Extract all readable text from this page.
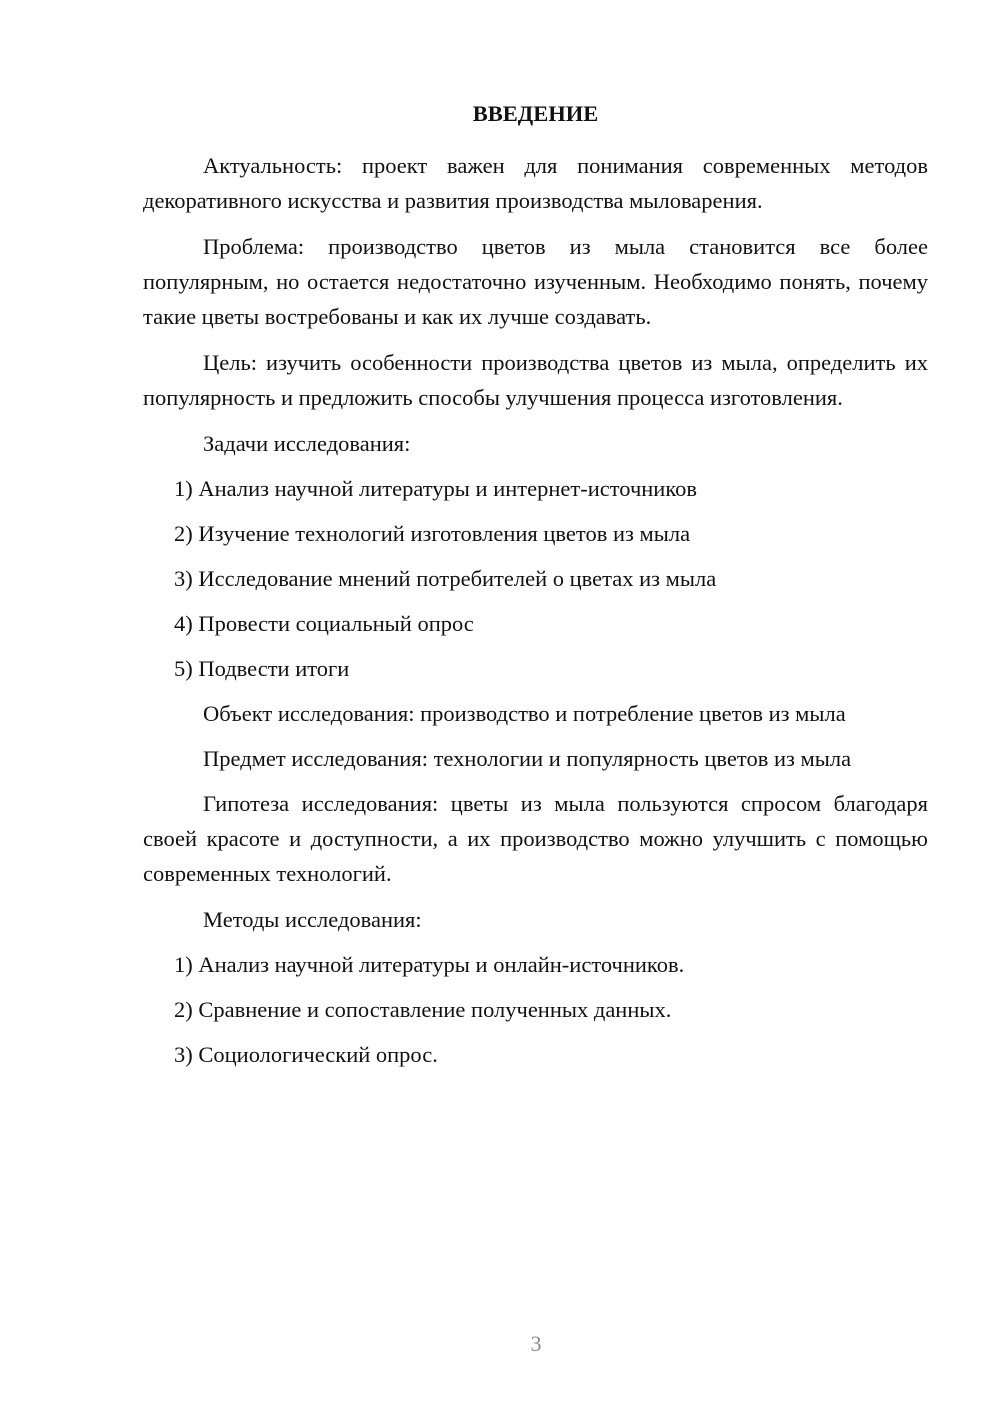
ВВЕДЕНИЕ

Актуальность: проект важен для понимания современных методов декоративного искусства и развития производства мыловарения.

Проблема: производство цветов из мыла становится все более популярным, но остается недостаточно изученным. Необходимо понять, почему такие цветы востребованы и как их лучше создавать.

Цель: изучить особенности производства цветов из мыла, определить их популярность и предложить способы улучшения процесса изготовления.

Задачи исследования:

1) Анализ научной литературы и интернет-источников

2) Изучение технологий изготовления цветов из мыла

3) Исследование мнений потребителей о цветах из мыла

4) Провести социальный опрос

5) Подвести итоги

Объект исследования: производство и потребление цветов из мыла

Предмет исследования: технологии и популярность цветов из мыла

Гипотеза исследования: цветы из мыла пользуются спросом благодаря своей красоте и доступности, а их производство можно улучшить с помощью современных технологий.

Методы исследования:

1) Анализ научной литературы и онлайн-источников.

2) Сравнение и сопоставление полученных данных.

3) Социологический опрос.

3
